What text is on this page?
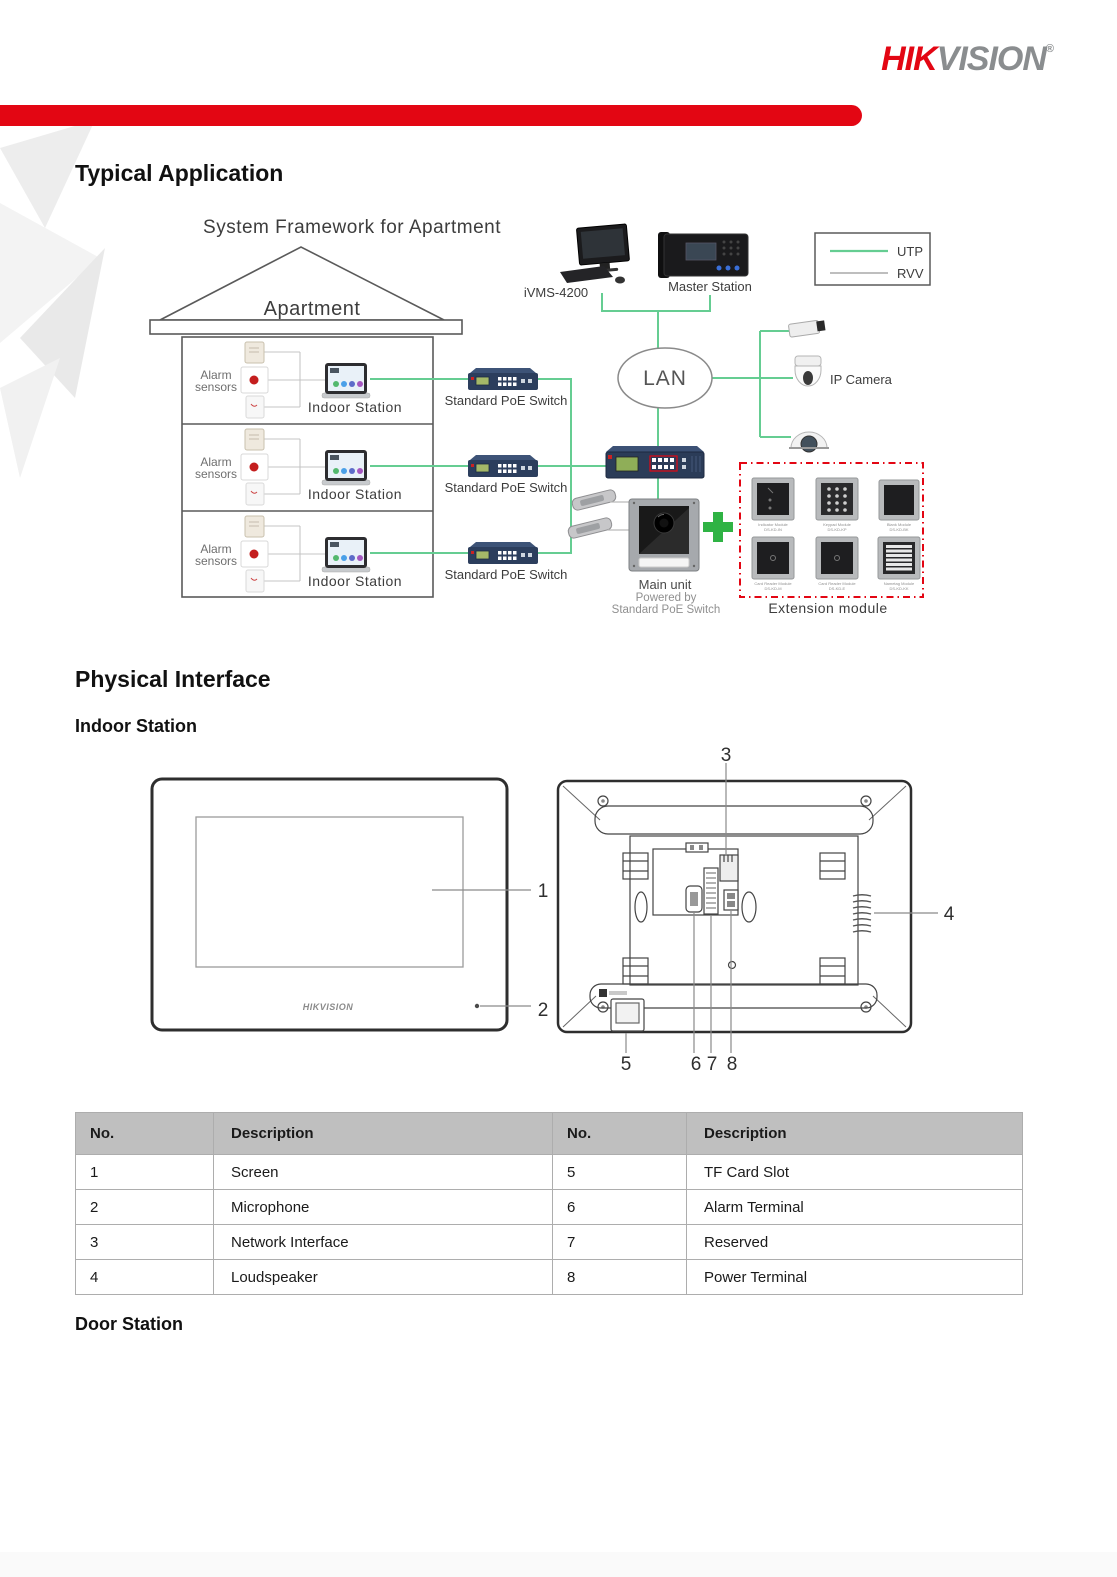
HIKVISION®
Typical Application
System Framework for Apartment
Apartment
Alarm
sensors
Indoor Station	Standard PoE Switch
Alarm
sensors
Indoor Station	Standard PoE Switch
Alarm
sensors
Indoor Station	Standard PoE Switch
iVMS-4200	Master Station
UTP
RVV
LAN	IP Camera
Main unit
Powered by
Standard PoE Switch
Indicator Module
DS-KD-IN
Keypad Module
DS-KD-KP
Blank Module
DS-KD-BK
Card Reader Module
DS-KD-M
Card Reader Module
DS-KD-E
Nametag Module
DS-KD-KK
Extension module
Physical Interface
Indoor Station
HIKVISION
1
2
3
4
5	6 7 8
No.	Description	No.	Description
1	Screen	5	TF Card Slot
2	Microphone	6	Alarm Terminal
3	Network Interface	7	Reserved
4	Loudspeaker	8	Power Terminal
Door Station
